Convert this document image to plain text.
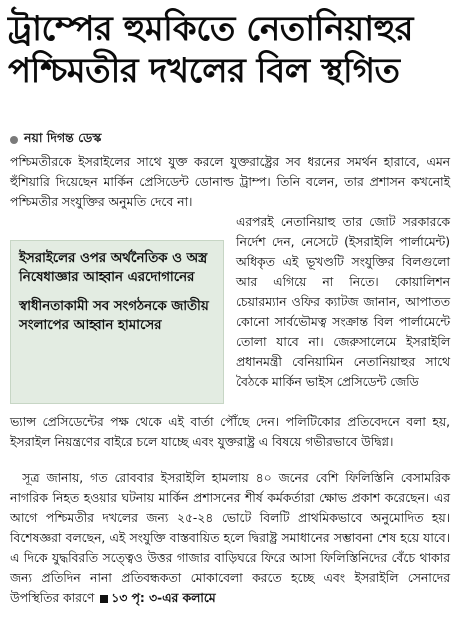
ট্রাম্পের হুমকিতে নেতানিয়াহুর
পশ্চিমতীর দখলের বিল স্থগিত
নয়া দিগন্ত ডেস্ক
পশ্চিমতীরকে ইসরাইলের সাথে যুক্ত করলে যুক্তরাষ্ট্রের সব ধরনের সমর্থন হারাবে, এমন হুঁশিয়ারি দিয়েছেন মার্কিন প্রেসিডেন্ট ডোনাল্ড ট্রাম্প। তিনি বলেন, তার প্রশাসন কখনোই পশ্চিমতীর সংযুক্তির অনুমতি দেবে না।
ইসরাইলের ওপর অর্থনৈতিক ও অস্ত্র নিষেধাজ্ঞার আহ্বান এরদোগানের
স্বাধীনতাকামী সব সংগঠনকে জাতীয় সংলাপের আহ্বান হামাসের
এরপরই নেতানিয়াহু তার জোট সরকারকে নির্দেশ দেন, নেসেটে (ইসরাইলি পার্লামেন্ট) অধিকৃত এই ভূখণ্ডটি সংযুক্তির বিলগুলো আর এগিয়ে না নিতে। কোয়ালিশন চেয়ারম্যান ওফির ক্যাটজ জানান, আপাতত কোনো সার্বভৌমত্ব সংক্রান্ত বিল পার্লামেন্টে তোলা যাবে না। জেরুসালেমে ইসরাইলি প্রধানমন্ত্রী বেনিয়ামিন নেতানিয়াহুর সাথে বৈঠকে মার্কিন ভাইস প্রেসিডেন্ট জেডি
ভ্যান্স প্রেসিডেন্টের পক্ষ থেকে এই বার্তা পৌঁছে দেন। পলিটিকোর প্রতিবেদনে বলা হয়, ইসরাইল নিয়ন্ত্রণের বাইরে চলে যাচ্ছে এবং যুক্তরাষ্ট্র এ বিষয়ে গভীরভাবে উদ্বিগ্ন।
সূত্র জানায়, গত রোববার ইসরাইলি হামলায় ৪০ জনের বেশি ফিলিস্তিনি বেসামরিক নাগরিক নিহত হওয়ার ঘটনায় মার্কিন প্রশাসনের শীর্ষ কর্মকর্তারা ক্ষোভ প্রকাশ করেছেন। এর আগে পশ্চিমতীর দখলের জন্য ২৫-২৪ ভোটে বিলটি প্রাথমিকভাবে অনুমোদিত হয়। বিশেষজ্ঞরা বলছেন, এই সংযুক্তি বাস্তবায়িত হলে দ্বিরাষ্ট্র সমাধানের সম্ভাবনা শেষ হয়ে যাবে। এ দিকে যুদ্ধবিরতি সত্ত্বেও উত্তর গাজার বাড়িঘরে ফিরে আসা ফিলিস্তিনিদের বেঁচে থাকার জন্য প্রতিদিন নানা প্রতিবন্ধকতা মোকাবেলা করতে হচ্ছে এবং ইসরাইলি সেনাদের উপস্থিতির কারণে ১৩ পৃ: ৩-এর কলামে
